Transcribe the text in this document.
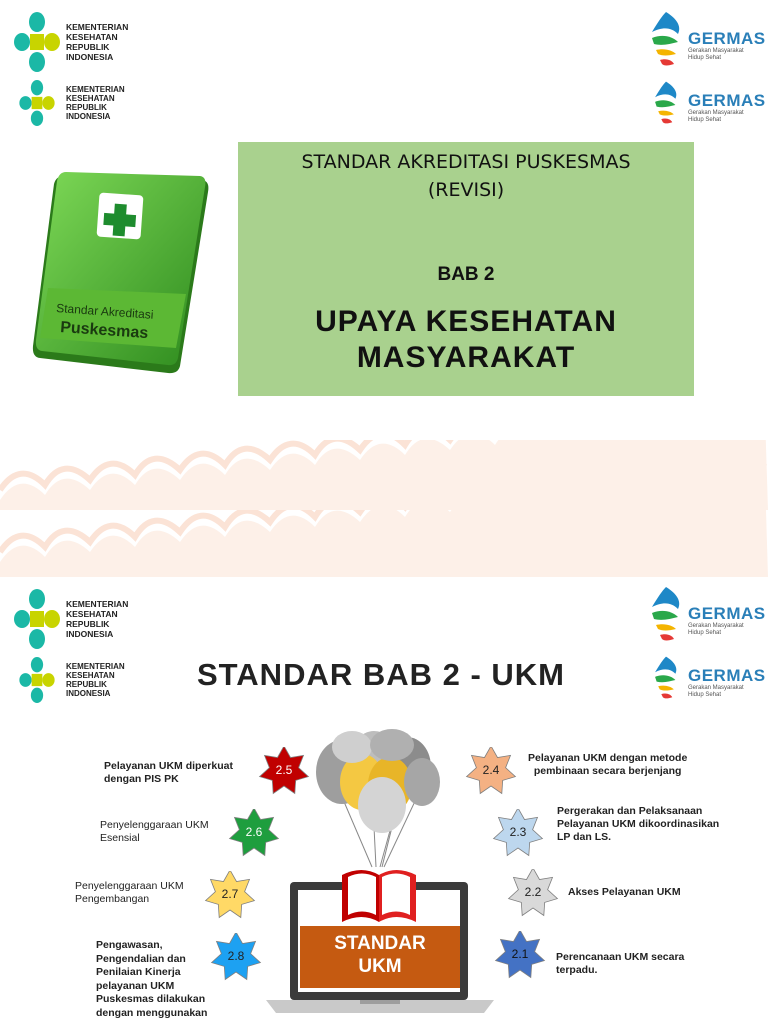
KEMENTERIAN
KESEHATAN
REPUBLIK
INDONESIA
KEMENTERIAN
KESEHATAN
REPUBLIK
INDONESIA
GERMAS
Gerakan Masyarakat
Hidup Sehat
GERMAS
Gerakan Masyarakat
Hidup Sehat
Standar Akreditasi
Puskesmas
STANDAR AKREDITASI PUSKESMAS
(REVISI)
BAB 2
UPAYA KESEHATAN
MASYARAKAT
KEMENTERIAN
KESEHATAN
REPUBLIK
INDONESIA
KEMENTERIAN
KESEHATAN
REPUBLIK
INDONESIA
GERMAS
Gerakan Masyarakat
Hidup Sehat
GERMAS
Gerakan Masyarakat
Hidup Sehat
STANDAR BAB 2 - UKM
STANDAR
UKM
2.5
2.6
2.7
2.8
2.4
2.3
2.2
2.1
Pelayanan UKM diperkuat
dengan PIS PK
Penyelenggaraan UKM
Esensial
Penyelenggaraan UKM
Pengembangan
Pengawasan,
Pengendalian dan
Penilaian Kinerja
pelayanan UKM
Puskesmas dilakukan
dengan menggunakan
Pelayanan UKM dengan metode
pembinaan secara berjenjang
Pergerakan dan Pelaksanaan
Pelayanan UKM dikoordinasikan
LP dan LS.
Akses Pelayanan UKM
Perencanaan UKM secara
terpadu.
